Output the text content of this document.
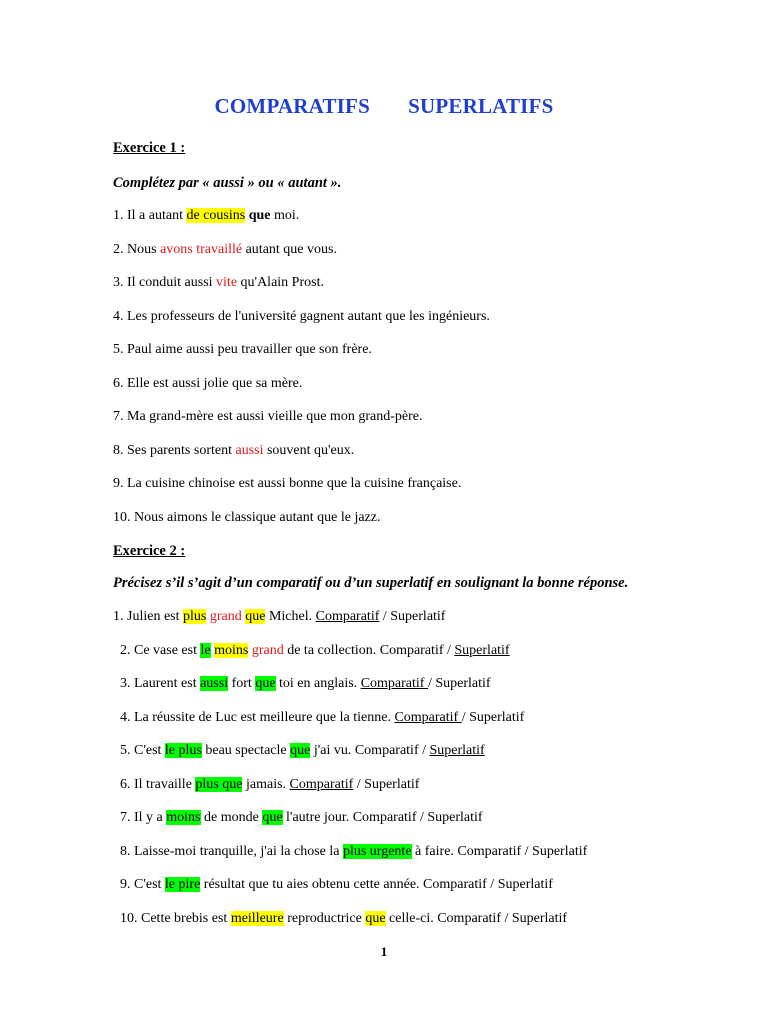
COMPARATIFS SUPERLATIFS
Exercice 1 :
Complétez par « aussi » ou « autant ».
1. Il a autant de cousins que moi.
2. Nous avons travaillé autant que vous.
3. Il conduit aussi vite qu'Alain Prost.
4. Les professeurs de l'université gagnent autant que les ingénieurs.
5. Paul aime aussi peu travailler que son frère.
6. Elle est aussi jolie que sa mère.
7. Ma grand-mère est aussi vieille que mon grand-père.
8. Ses parents sortent aussi souvent qu'eux.
9. La cuisine chinoise est aussi bonne que la cuisine française.
10. Nous aimons le classique autant que le jazz.
Exercice 2 :
Précisez s’il s’agit d’un comparatif ou d’un superlatif en soulignant la bonne réponse.
1. Julien est plus grand que Michel. Comparatif / Superlatif
2. Ce vase est le moins grand de ta collection. Comparatif / Superlatif
3. Laurent est aussi fort que toi en anglais. Comparatif / Superlatif
4. La réussite de Luc est meilleure que la tienne. Comparatif / Superlatif
5. C'est le plus beau spectacle que j'ai vu. Comparatif / Superlatif
6. Il travaille plus que jamais. Comparatif / Superlatif
7. Il y a moins de monde que l'autre jour. Comparatif / Superlatif
8. Laisse-moi tranquille, j'ai la chose la plus urgente à faire. Comparatif / Superlatif
9. C'est le pire résultat que tu aies obtenu cette année. Comparatif / Superlatif
10. Cette brebis est meilleure reproductrice que celle-ci. Comparatif / Superlatif
1
